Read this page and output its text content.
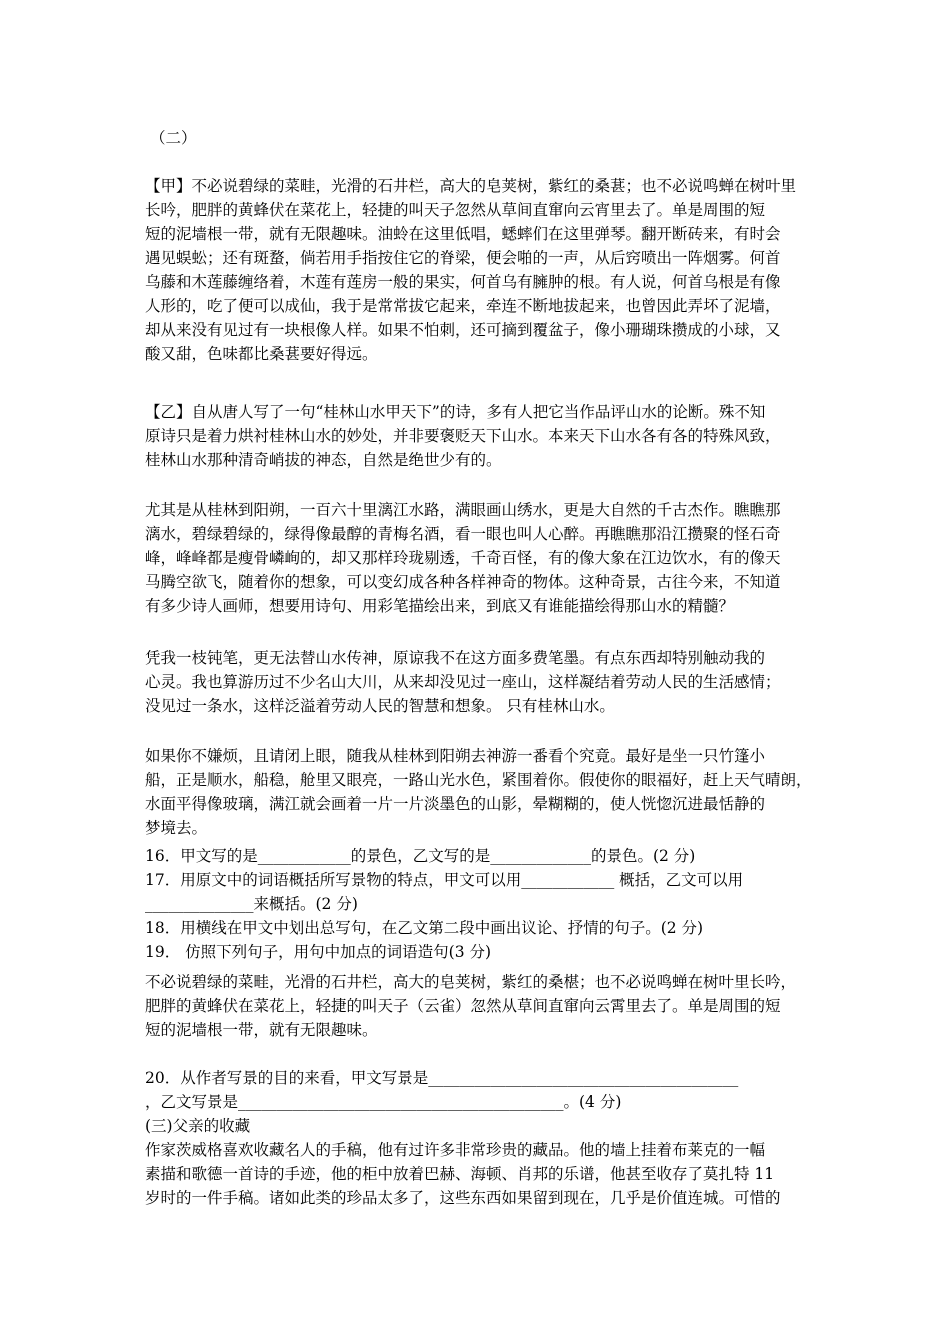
（二）
【甲】不必说碧绿的菜畦，光滑的石井栏，高大的皂荚树，紫红的桑葚；也不必说鸣蝉在树叶里
长吟，肥胖的黄蜂伏在菜花上，轻捷的叫天子忽然从草间直窜向云宵里去了。单是周围的短
短的泥墙根一带，就有无限趣味。油蛉在这里低唱，蟋蟀们在这里弹琴。翻开断砖来，有时会
遇见蜈蚣；还有斑蝥，倘若用手指按住它的脊梁，便会啪的一声，从后窍喷出一阵烟雾。何首
乌藤和木莲藤缠络着，木莲有莲房一般的果实，何首乌有臃肿的根。有人说，何首乌根是有像
人形的，吃了便可以成仙，我于是常常拔它起来，牵连不断地拔起来，也曾因此弄坏了泥墙，
却从来没有见过有一块根像人样。如果不怕刺，还可摘到覆盆子，像小珊瑚珠攒成的小球，又
酸又甜，色味都比桑葚要好得远。
【乙】自从唐人写了一句“桂林山水甲天下”的诗，多有人把它当作品评山水的论断。殊不知
原诗只是着力烘衬桂林山水的妙处，并非要褒贬天下山水。本来天下山水各有各的特殊风致，
桂林山水那种清奇峭拔的神态，自然是绝世少有的。
尤其是从桂林到阳朔，一百六十里漓江水路，满眼画山绣水，更是大自然的千古杰作。瞧瞧那
漓水，碧绿碧绿的，绿得像最醇的青梅名酒，看一眼也叫人心醉。再瞧瞧那沿江攒聚的怪石奇
峰，峰峰都是瘦骨嶙峋的，却又那样玲珑剔透，千奇百怪，有的像大象在江边饮水，有的像天
马腾空欲飞，随着你的想象，可以变幻成各种各样神奇的物体。这种奇景，古往今来，不知道
有多少诗人画师，想要用诗句、用彩笔描绘出来，到底又有谁能描绘得那山水的精髓？
凭我一枝钝笔，更无法替山水传神，原谅我不在这方面多费笔墨。有点东西却特别触动我的
心灵。我也算游历过不少名山大川，从来却没见过一座山，这样凝结着劳动人民的生活感情；
没见过一条水，这样泛溢着劳动人民的智慧和想象。 只有桂林山水。
如果你不嫌烦，且请闭上眼，随我从桂林到阳朔去神游一番看个究竟。最好是坐一只竹篷小
船，正是顺水，船稳，舱里又眼亮，一路山光水色，紧围着你。假使你的眼福好，赶上天气晴朗，
水面平得像玻璃，满江就会画着一片一片淡墨色的山影，晕糊糊的，使人恍惚沉进最恬静的
梦境去。
16．甲文写的是____________的景色，乙文写的是_____________的景色。(2 分)
17．用原文中的词语概括所写景物的特点，甲文可以用____________ 概括，乙文可以用
______________来概括。(2 分)
18．用横线在甲文中划出总写句，在乙文第二段中画出议论、抒情的句子。(2 分)
19． 仿照下列句子，用句中加点的词语造句(3 分)
不必说碧绿的菜畦，光滑的石井栏，高大的皂荚树，紫红的桑椹；也不必说鸣蝉在树叶里长吟，
肥胖的黄蜂伏在菜花上，轻捷的叫天子（云雀）忽然从草间直窜向云霄里去了。单是周围的短
短的泥墙根一带，就有无限趣味。
20．从作者写景的目的来看，甲文写景是________________________________________
，乙文写景是__________________________________________。(4 分)
(三)父亲的收藏
作家茨威格喜欢收藏名人的手稿，他有过许多非常珍贵的藏品。他的墙上挂着布莱克的一幅
素描和歌德一首诗的手迹，他的柜中放着巴赫、海顿、肖邦的乐谱，他甚至收存了莫扎特 11
岁时的一件手稿。诸如此类的珍品太多了，这些东西如果留到现在，几乎是价值连城。可惜的
